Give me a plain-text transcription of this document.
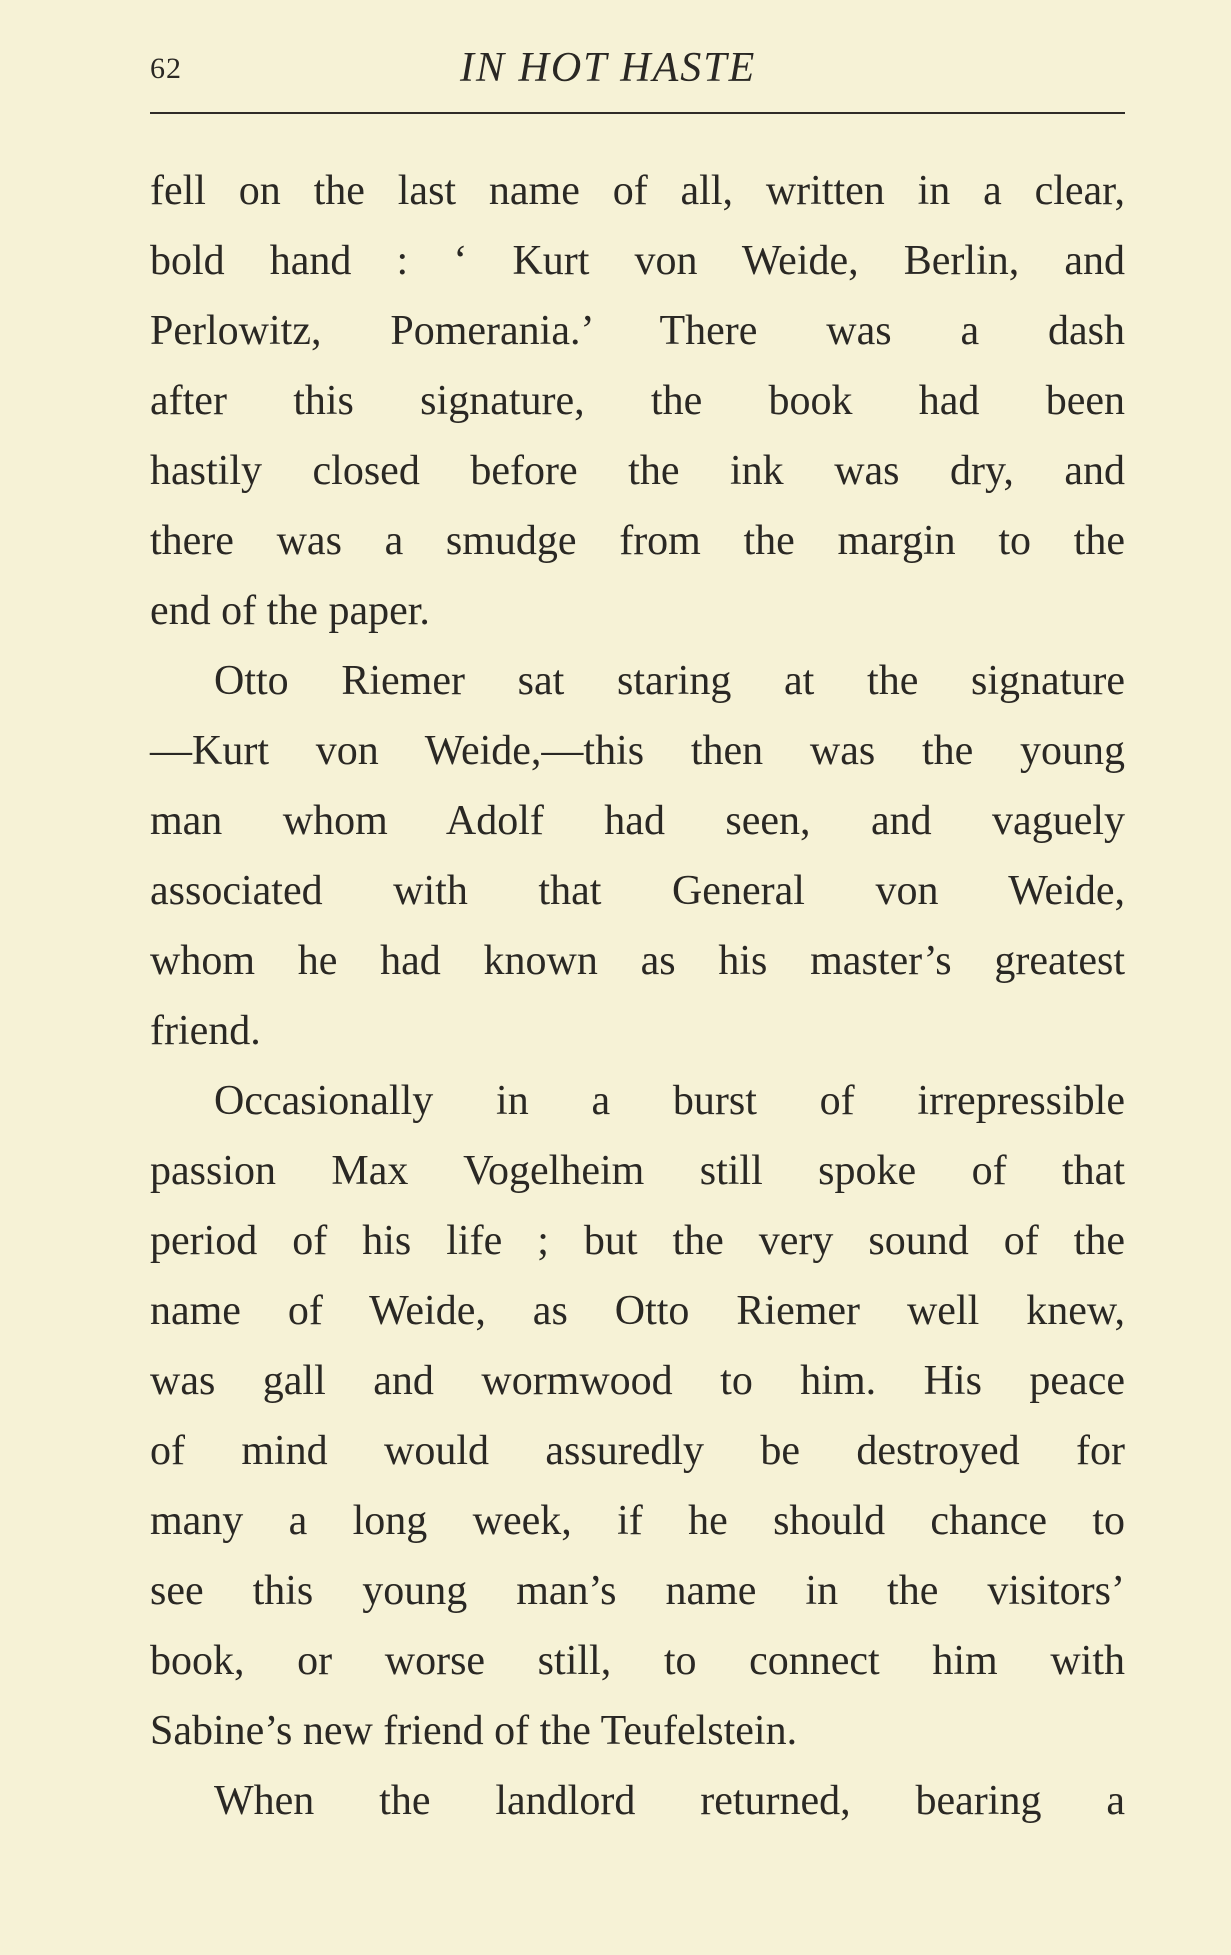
62	IN HOT HASTE
fell on the last name of all, written in a clear,
bold hand : ‘ Kurt von Weide, Berlin, and
Perlowitz, Pomerania.’ There was a dash
after this signature, the book had been
hastily closed before the ink was dry, and
there was a smudge from the margin to the
end of the paper.
Otto Riemer sat staring at the signature
—Kurt von Weide,—this then was the young
man whom Adolf had seen, and vaguely
associated with that General von Weide,
whom he had known as his master’s greatest
friend.
Occasionally in a burst of irrepressible
passion Max Vogelheim still spoke of that
period of his life ; but the very sound of the
name of Weide, as Otto Riemer well knew,
was gall and wormwood to him. His peace
of mind would assuredly be destroyed for
many a long week, if he should chance to
see this young man’s name in the visitors’
book, or worse still, to connect him with
Sabine’s new friend of the Teufelstein.
When the landlord returned, bearing a
